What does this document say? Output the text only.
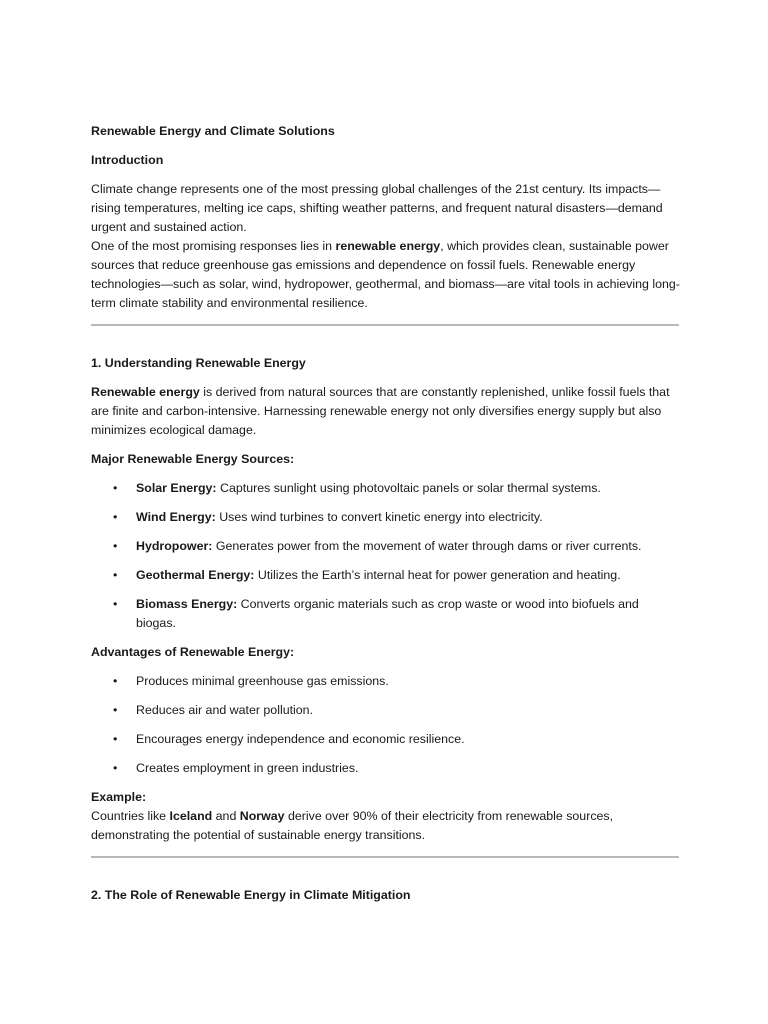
Renewable Energy and Climate Solutions

Introduction

Climate change represents one of the most pressing global challenges of the 21st century. Its impacts—rising temperatures, melting ice caps, shifting weather patterns, and frequent natural disasters—demand urgent and sustained action.

One of the most promising responses lies in renewable energy, which provides clean, sustainable power sources that reduce greenhouse gas emissions and dependence on fossil fuels. Renewable energy technologies—such as solar, wind, hydropower, geothermal, and biomass—are vital tools in achieving long-term climate stability and environmental resilience.

1. Understanding Renewable Energy

Renewable energy is derived from natural sources that are constantly replenished, unlike fossil fuels that are finite and carbon-intensive. Harnessing renewable energy not only diversifies energy supply but also minimizes ecological damage.

Major Renewable Energy Sources:

• Solar Energy: Captures sunlight using photovoltaic panels or solar thermal systems.
• Wind Energy: Uses wind turbines to convert kinetic energy into electricity.
• Hydropower: Generates power from the movement of water through dams or river currents.
• Geothermal Energy: Utilizes the Earth’s internal heat for power generation and heating.
• Biomass Energy: Converts organic materials such as crop waste or wood into biofuels and biogas.

Advantages of Renewable Energy:

• Produces minimal greenhouse gas emissions.
• Reduces air and water pollution.
• Encourages energy independence and economic resilience.
• Creates employment in green industries.

Example:

Countries like Iceland and Norway derive over 90% of their electricity from renewable sources, demonstrating the potential of sustainable energy transitions.

2. The Role of Renewable Energy in Climate Mitigation
